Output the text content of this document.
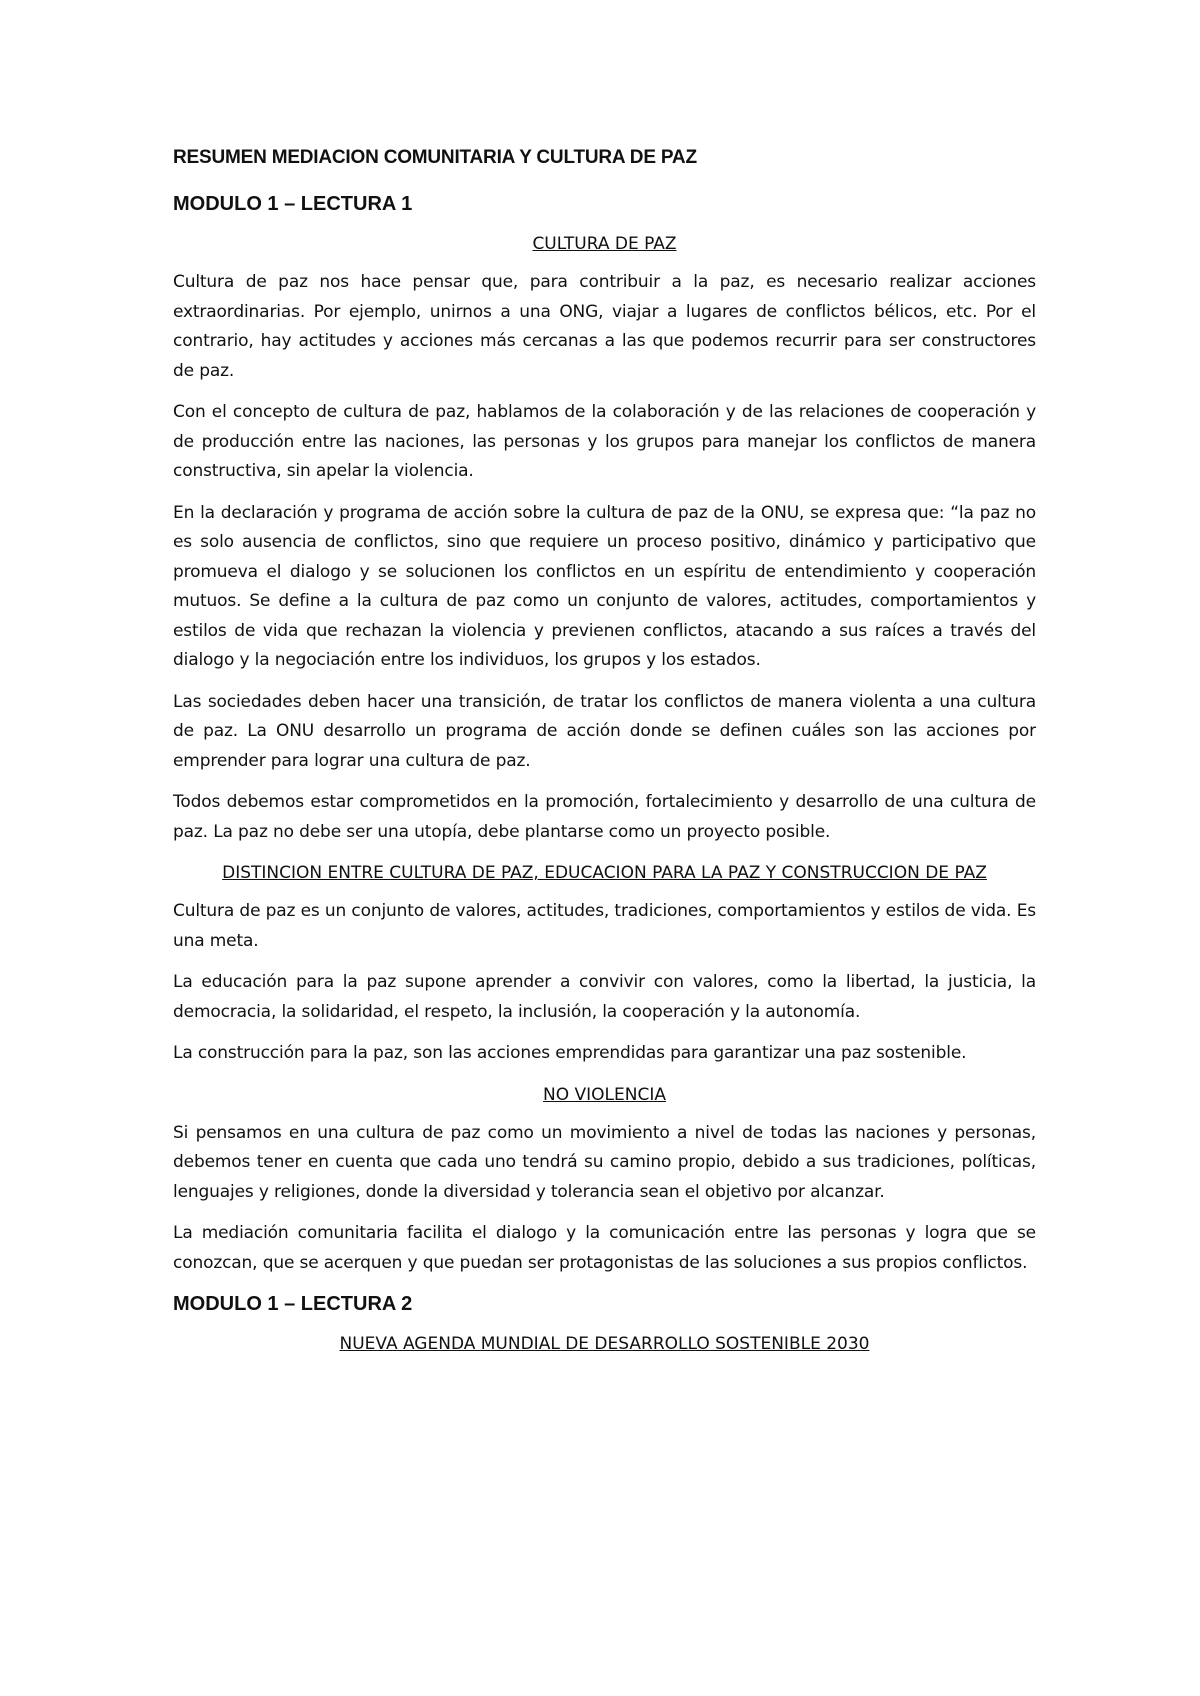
RESUMEN MEDIACION COMUNITARIA Y CULTURA DE PAZ
MODULO 1 – LECTURA 1
CULTURA DE PAZ

Cultura de paz nos hace pensar que, para contribuir a la paz, es necesario realizar acciones extraordinarias. Por ejemplo, unirnos a una ONG, viajar a lugares de conflictos bélicos, etc. Por el contrario, hay actitudes y acciones más cercanas a las que podemos recurrir para ser constructores de paz.

Con el concepto de cultura de paz, hablamos de la colaboración y de las relaciones de cooperación y de producción entre las naciones, las personas y los grupos para manejar los conflictos de manera constructiva, sin apelar la violencia.

En la declaración y programa de acción sobre la cultura de paz de la ONU, se expresa que: “la paz no es solo ausencia de conflictos, sino que requiere un proceso positivo, dinámico y participativo que promueva el dialogo y se solucionen los conflictos en un espíritu de entendimiento y cooperación mutuos. Se define a la cultura de paz como un conjunto de valores, actitudes, comportamientos y estilos de vida que rechazan la violencia y previenen conflictos, atacando a sus raíces a través del dialogo y la negociación entre los individuos, los grupos y los estados.

Las sociedades deben hacer una transición, de tratar los conflictos de manera violenta a una cultura de paz. La ONU desarrollo un programa de acción donde se definen cuáles son las acciones por emprender para lograr una cultura de paz.

Todos debemos estar comprometidos en la promoción, fortalecimiento y desarrollo de una cultura de paz. La paz no debe ser una utopía, debe plantarse como un proyecto posible.

DISTINCION ENTRE CULTURA DE PAZ, EDUCACION PARA LA PAZ Y CONSTRUCCION DE PAZ

Cultura de paz es un conjunto de valores, actitudes, tradiciones, comportamientos y estilos de vida. Es una meta.

La educación para la paz supone aprender a convivir con valores, como la libertad, la justicia, la democracia, la solidaridad, el respeto, la inclusión, la cooperación y la autonomía.

La construcción para la paz, son las acciones emprendidas para garantizar una paz sostenible.

NO VIOLENCIA

Si pensamos en una cultura de paz como un movimiento a nivel de todas las naciones y personas, debemos tener en cuenta que cada uno tendrá su camino propio, debido a sus tradiciones, políticas, lenguajes y religiones, donde la diversidad y tolerancia sean el objetivo por alcanzar.

La mediación comunitaria facilita el dialogo y la comunicación entre las personas y logra que se conozcan, que se acerquen y que puedan ser protagonistas de las soluciones a sus propios conflictos.

MODULO 1 – LECTURA 2
NUEVA AGENDA MUNDIAL DE DESARROLLO SOSTENIBLE 2030
